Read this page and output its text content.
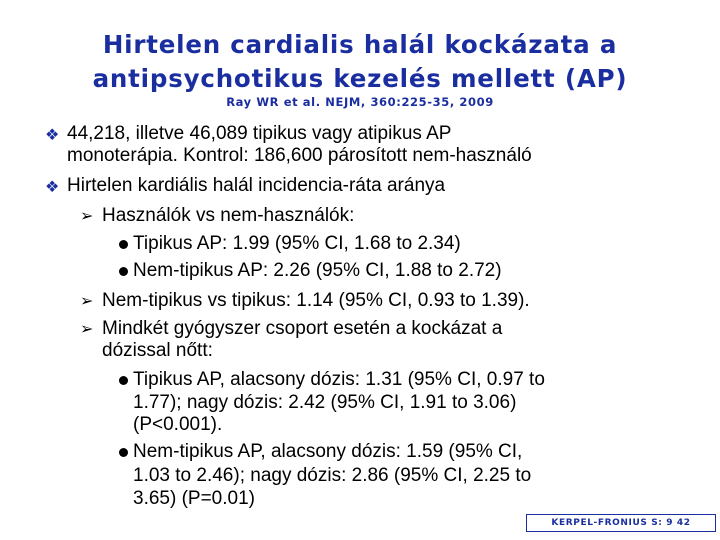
Hirtelen cardialis halál kockázata a
antipsychotikus kezelés mellett (AP)
Ray WR et al. NEJM, 360:225-35, 2009
❖ 44,218, illetve 46,089 tipikus vagy atipikus AP
monoterápia. Kontrol: 186,600 párosított nem-használó
❖ Hirtelen kardiális halál incidencia-ráta aránya
➢ Használók vs nem-használók:
Tipikus AP: 1.99 (95% CI, 1.68 to 2.34)
Nem-tipikus AP: 2.26 (95% CI, 1.88 to 2.72)
➢ Nem-tipikus vs tipikus: 1.14 (95% CI, 0.93 to 1.39).
➢ Mindkét gyógyszer csoport esetén a kockázat a
dózissal nőtt:
Tipikus AP, alacsony dózis: 1.31 (95% CI, 0.97 to
1.77); nagy dózis: 2.42 (95% CI, 1.91 to 3.06)
(P<0.001).
Nem-tipikus AP, alacsony dózis: 1.59 (95% CI,
1.03 to 2.46); nagy dózis: 2.86 (95% CI, 2.25 to
3.65) (P=0.01)
KERPEL-FRONIUS S: 9 42
